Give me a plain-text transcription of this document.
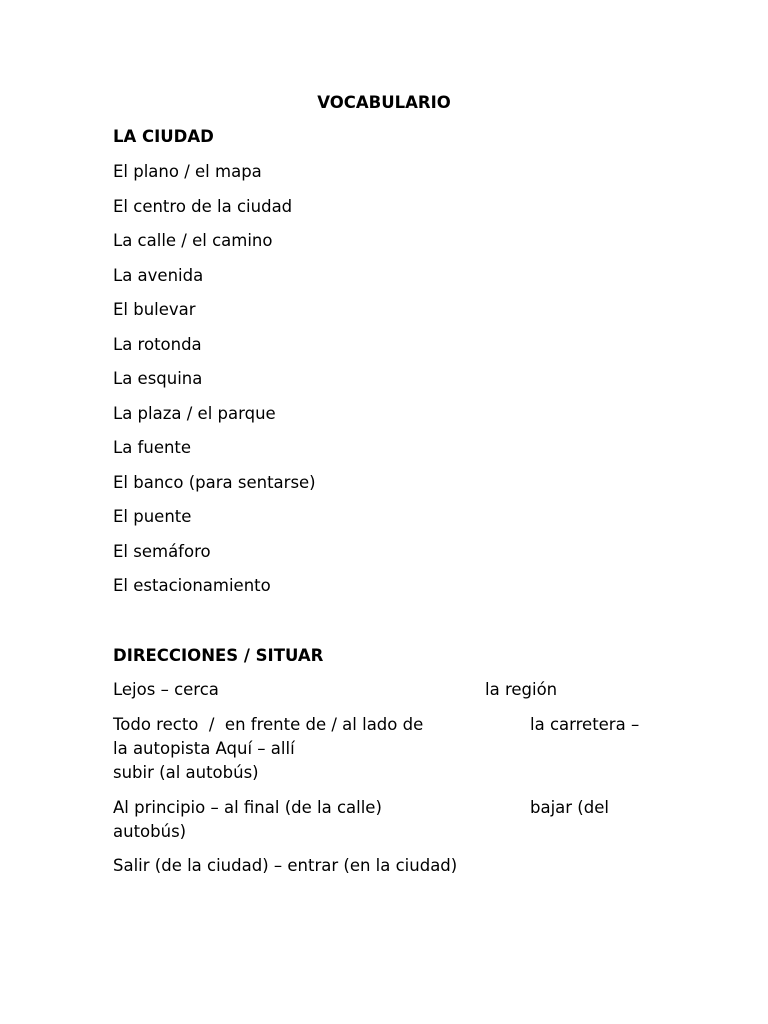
VOCABULARIO
LA CIUDAD
El plano / el mapa
El centro de la ciudad
La calle / el camino
La avenida
El bulevar
La rotonda
La esquina
La plaza / el parque
La fuente
El banco (para sentarse)
El puente
El semáforo
El estacionamiento
DIRECCIONES / SITUAR
Lejos – cerca	la región
Todo recto  /  en frente de / al lado de	la carretera –
la autopista Aquí – allí
subir (al autobús)
Al principio – al final (de la calle)	bajar (del
autobús)
Salir (de la ciudad) – entrar (en la ciudad)
